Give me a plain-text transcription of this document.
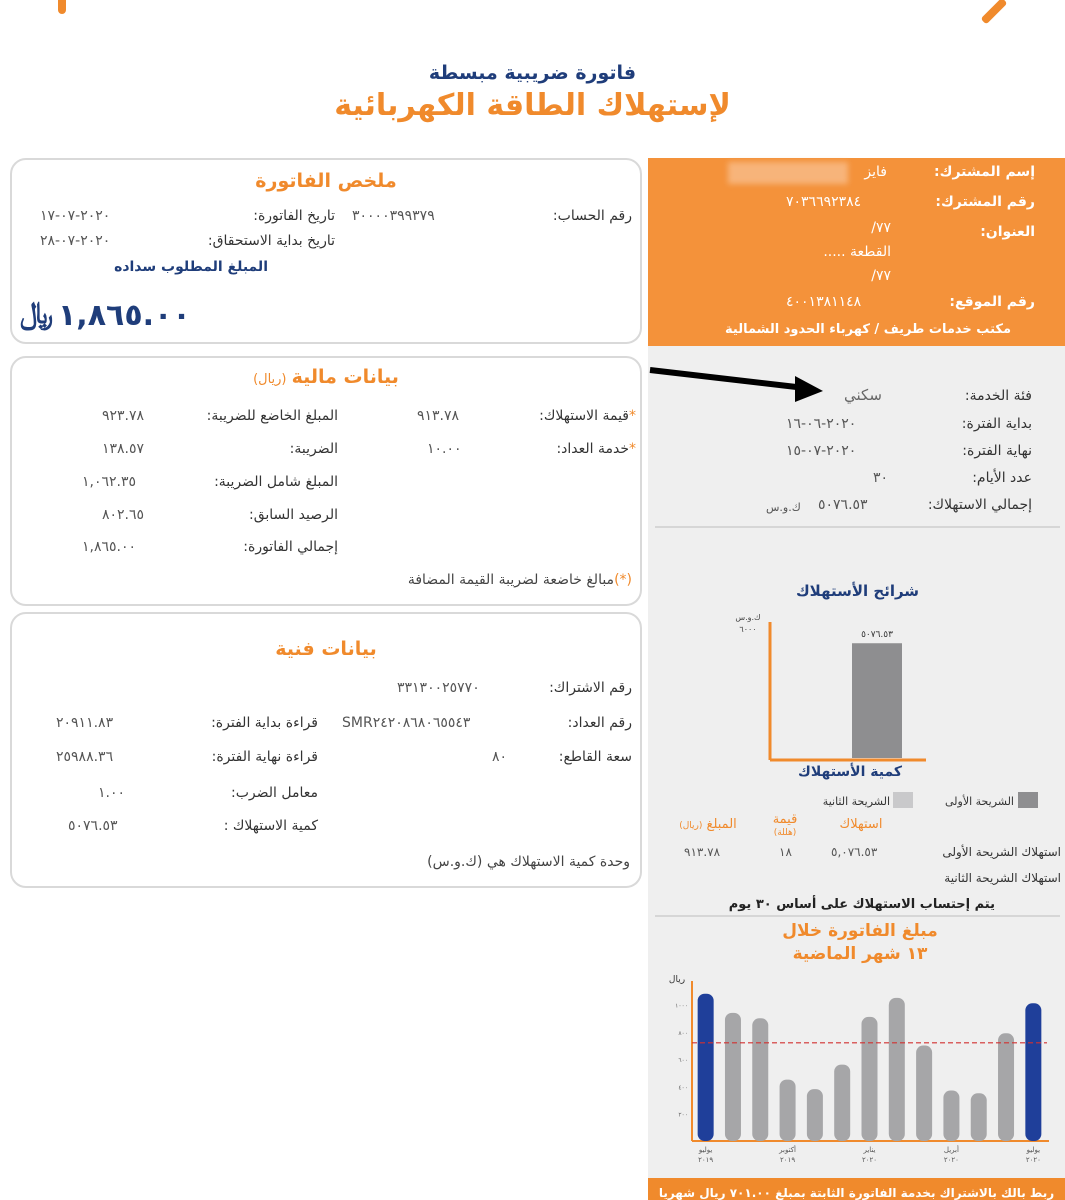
فاتورة ضريبية مبسطة
لإستهلاك الطاقة الكهربائية
ملخص الفاتورة
رقم الحساب:
٣٠٠٠٠٣٩٩٣٧٩
تاريخ الفاتورة:
٢٠٢٠-٠٧-١٧
تاريخ بداية الاستحقاق:
٢٠٢٠-٠٧-٢٨
المبلغ المطلوب سداده
﷼ ١,٨٦٥.٠٠
بيانات مالية (ريال)
*قيمة الاستهلاك:
٩١٣.٧٨
*خدمة العداد:
١٠.٠٠
المبلغ الخاضع للضريبة:
٩٢٣.٧٨
الضريبة:
١٣٨.٥٧
المبلغ شامل الضريبة:
١,٠٦٢.٣٥
الرصيد السابق:
٨٠٢.٦٥
إجمالي الفاتورة:
١,٨٦٥.٠٠
(*)مبالغ خاضعة لضريبة القيمة المضافة
بيانات فنية
رقم الاشتراك:
٣٣١٣٠٠٢٥٧٧٠
رقم العداد:
SMR٢٤٢٠٨٦٨٠٦٥٥٤٣
قراءة بداية الفترة:
٢٠٩١١.٨٣
سعة القاطع:
٨٠
قراءة نهاية الفترة:
٢٥٩٨٨.٣٦
معامل الضرب:
١.٠٠
كمية الاستهلاك :
٥٠٧٦.٥٣
وحدة كمية الاستهلاك هي (ك.و.س)
إسم المشترك:
فايز
رقم المشترك:
٧٠٣٦٦٩٢٣٨٤
العنوان:
/٧٧
القطعة .....
/٧٧
رقم الموقع:
٤٠٠١٣٨١١٤٨
مكتب خدمات طريف / كهرباء الحدود الشمالية
فئة الخدمة:
سكني
بداية الفترة:
٢٠٢٠-٠٦-١٦
نهاية الفترة:
٢٠٢٠-٠٧-١٥
عدد الأيام:
٣٠
إجمالي الاستهلاك:
٥٠٧٦.٥٣
ك.و.س
شرائح الأستهلاك
ك.و.س
٦٠٠٠
٥٠٧٦.٥٣
كمية الأستهلاك
الشريحة الأولى
الشريحة الثانية
استهلاك
قيمة
(هللة)
المبلغ (ريال)
استهلاك الشريحة الأولى
٥,٠٧٦.٥٣
١٨
٩١٣.٧٨
استهلاك الشريحة الثانية
يتم إحتساب الاستهلاك على أساس ٣٠ يوم
مبلغ الفاتورة خلال
١٣ شهر الماضية
ريال
١٠٠٠
٨٠٠
٦٠٠
٤٠٠
٢٠٠
يوليو
٢٠١٩
أكتوبر
٢٠١٩
يناير
٢٠٢٠
أبريل
٢٠٢٠
يوليو
٢٠٢٠
ربط بالك بالاشتراك بخدمة الفاتورة الثابتة بمبلغ ٧٠١.٠٠ ريال شهريا
